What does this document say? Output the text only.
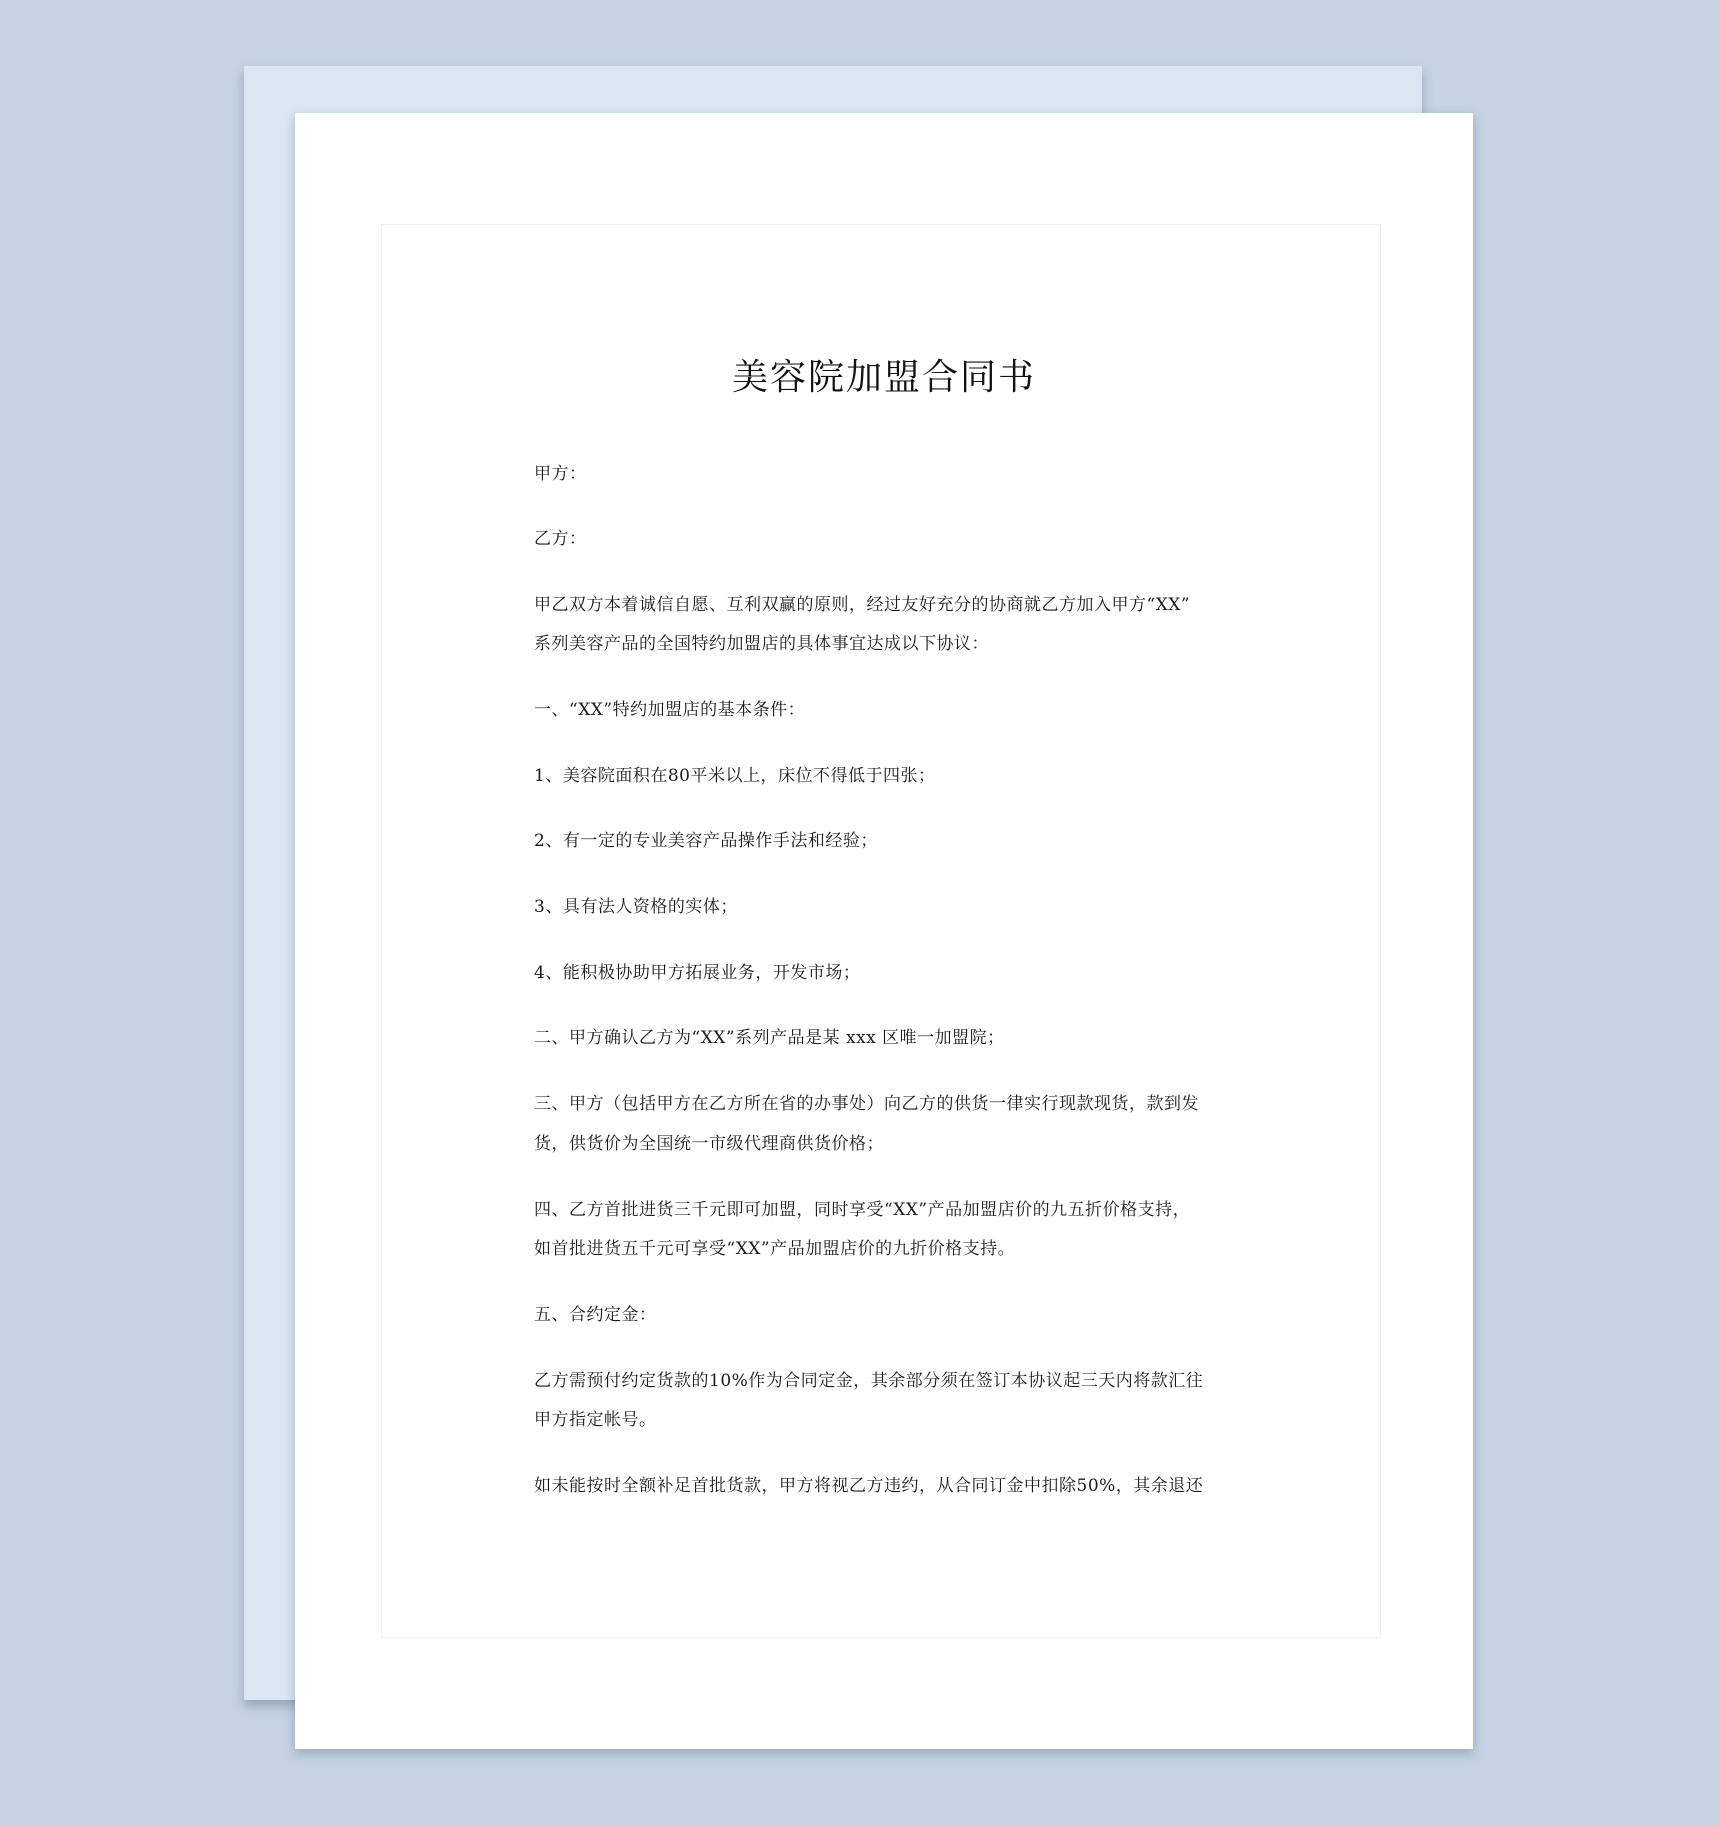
美容院加盟合同书
甲方：
乙方：
甲乙双方本着诚信自愿、互利双赢的原则，经过友好充分的协商就乙方加入甲方“XX”
系列美容产品的全国特约加盟店的具体事宜达成以下协议：
一、“XX”特约加盟店的基本条件：
1、美容院面积在80平米以上，床位不得低于四张；
2、有一定的专业美容产品操作手法和经验；
3、具有法人资格的实体；
4、能积极协助甲方拓展业务，开发市场；
二、甲方确认乙方为“XX”系列产品是某 xxx 区唯一加盟院；
三、甲方（包括甲方在乙方所在省的办事处）向乙方的供货一律实行现款现货，款到发
货，供货价为全国统一市级代理商供货价格；
四、乙方首批进货三千元即可加盟，同时享受“XX”产品加盟店价的九五折价格支持，
如首批进货五千元可享受“XX”产品加盟店价的九折价格支持。
五、合约定金：
乙方需预付约定货款的10%作为合同定金，其余部分须在签订本协议起三天内将款汇往
甲方指定帐号。
如未能按时全额补足首批货款，甲方将视乙方违约，从合同订金中扣除50%，其余退还
